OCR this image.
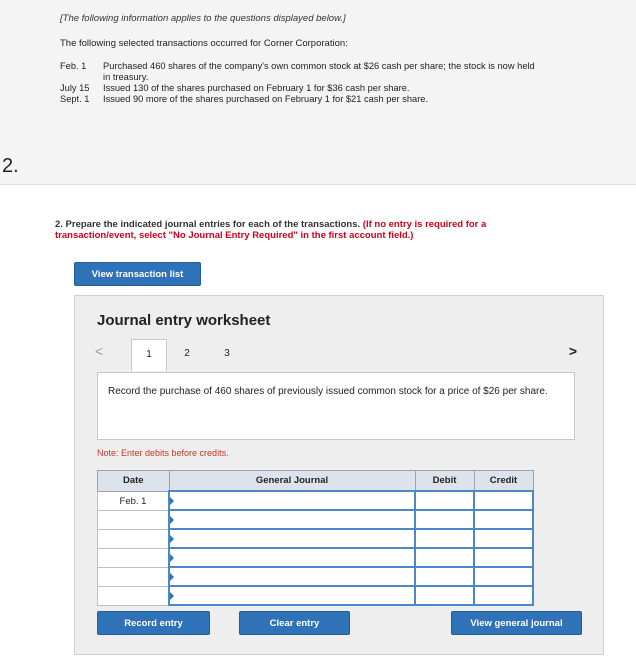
[The following information applies to the questions displayed below.]
The following selected transactions occurred for Corner Corporation:
Feb. 1	Purchased 460 shares of the company's own common stock at $26 cash per share; the stock is now held in treasury.
July 15	Issued 130 of the shares purchased on February 1 for $36 cash per share.
Sept. 1	Issued 90 more of the shares purchased on February 1 for $21 cash per share.
2.
2. Prepare the indicated journal entries for each of the transactions. (If no entry is required for a transaction/event, select "No Journal Entry Required" in the first account field.)
View transaction list
Journal entry worksheet
<	1	2	3	>
Record the purchase of 460 shares of previously issued common stock for a price of $26 per share.
Note: Enter debits before credits.
Date	General Journal	Debit	Credit

Feb. 1

Record entry	Clear entry	View general journal
